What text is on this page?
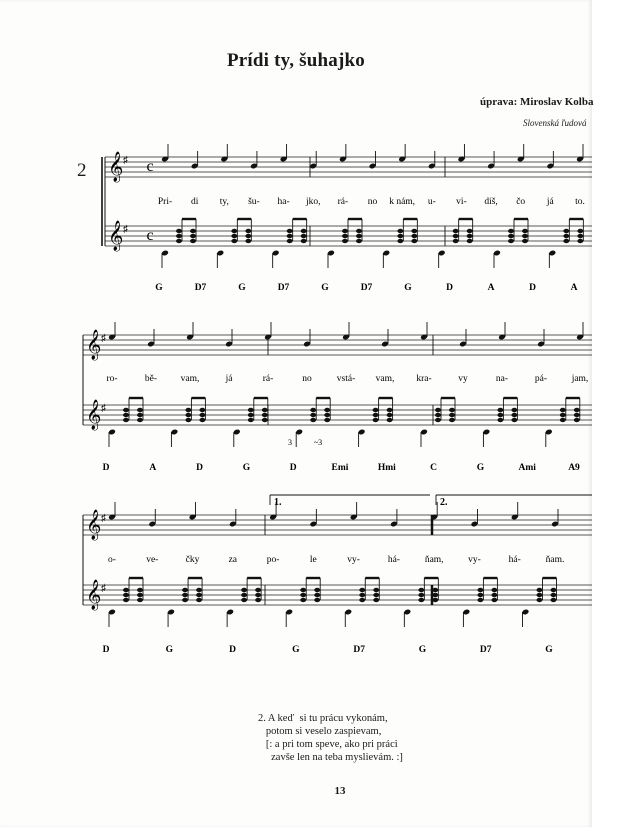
Prídi ty, šuhajko
úprava: Miroslav Kolba
Slovenská ľudová
2 𝄞 ♯
𝄞 ♯
c
c
Pri- di ty, šu- ha- jko, rá- no k nám, u- vi- díš, čo já to.
G	D7	G	D7	G	D7	G	D	A	D	A
𝄞 ♯
𝄞 ♯
ro-	bě- vam,	já	rá-	no	vstá- vam, kra-	vy	na-	pá-	jam,
D	A	D	G	D	Emi	Hmi	C	G	Ami	A9
3	~3
𝄞 ♯
𝄞 ♯
o-	ve-	čky	za	po-	le	vy-	há-	ňam,	vy-	há-	ňam.
D	G	D	G	D7	G	D7	G
1.	2.
2. A keď  si tu prácu vykonám,
potom si veselo zaspievam,
[: a pri tom speve, ako pri práci
zavše len na teba myslievám. :]
13
